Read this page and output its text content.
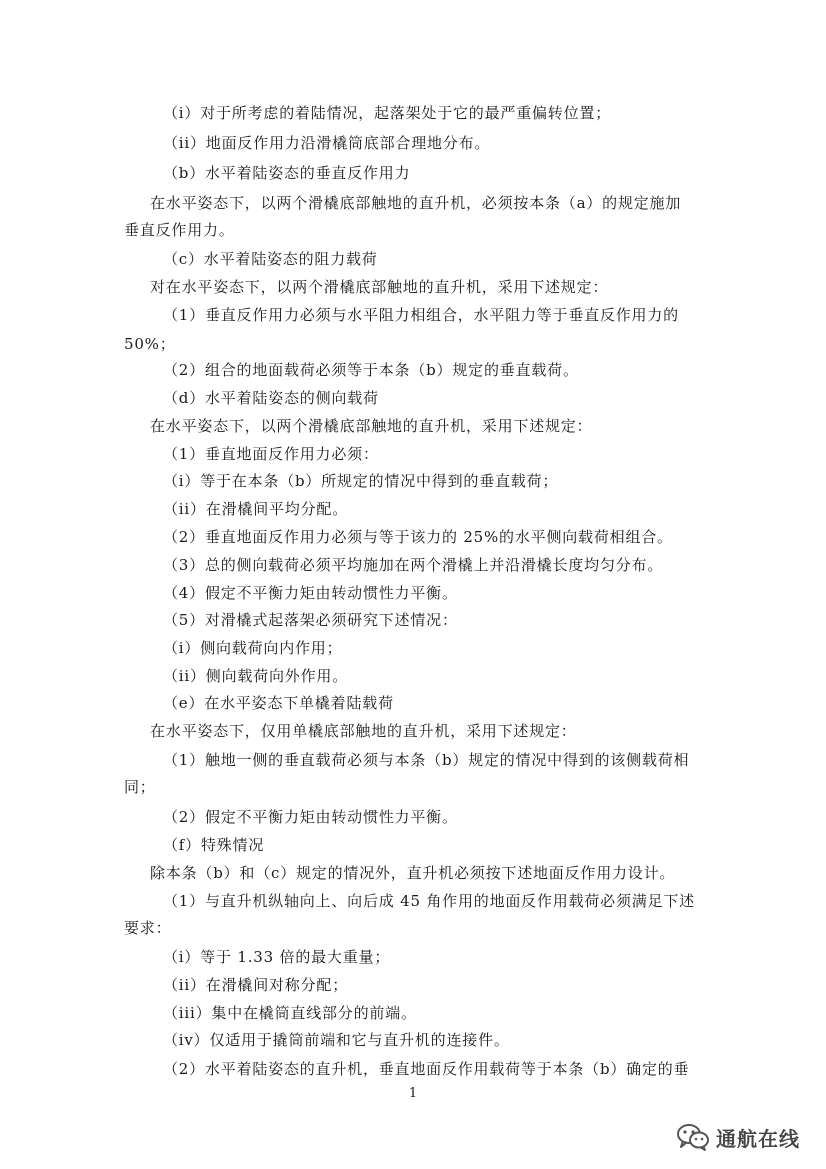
（i）对于所考虑的着陆情况，起落架处于它的最严重偏转位置；
（ii）地面反作用力沿滑橇筒底部合理地分布。
（b）水平着陆姿态的垂直反作用力
在水平姿态下，以两个滑橇底部触地的直升机，必须按本条（a）的规定施加
垂直反作用力。
（c）水平着陆姿态的阻力载荷
对在水平姿态下，以两个滑橇底部触地的直升机，采用下述规定：
（1）垂直反作用力必须与水平阻力相组合，水平阻力等于垂直反作用力的
50%；
（2）组合的地面载荷必须等于本条（b）规定的垂直载荷。
（d）水平着陆姿态的侧向载荷
在水平姿态下，以两个滑橇底部触地的直升机，采用下述规定：
（1）垂直地面反作用力必须：
（i）等于在本条（b）所规定的情况中得到的垂直载荷；
（ii）在滑橇间平均分配。
（2）垂直地面反作用力必须与等于该力的 25%的水平侧向载荷相组合。
（3）总的侧向载荷必须平均施加在两个滑橇上并沿滑橇长度均匀分布。
（4）假定不平衡力矩由转动惯性力平衡。
（5）对滑橇式起落架必须研究下述情况：
（i）侧向载荷向内作用；
（ii）侧向载荷向外作用。
（e）在水平姿态下单橇着陆载荷
在水平姿态下，仅用单橇底部触地的直升机，采用下述规定：
（1）触地一侧的垂直载荷必须与本条（b）规定的情况中得到的该侧载荷相
同；
（2）假定不平衡力矩由转动惯性力平衡。
（f）特殊情况
除本条（b）和（c）规定的情况外，直升机必须按下述地面反作用力设计。
（1）与直升机纵轴向上、向后成 45 角作用的地面反作用载荷必须满足下述
要求：
（i）等于 1.33 倍的最大重量；
（ii）在滑橇间对称分配；
（iii）集中在橇筒直线部分的前端。
（iv）仅适用于撬筒前端和它与直升机的连接件。
（2）水平着陆姿态的直升机，垂直地面反作用载荷等于本条（b）确定的垂
1
通航在线
